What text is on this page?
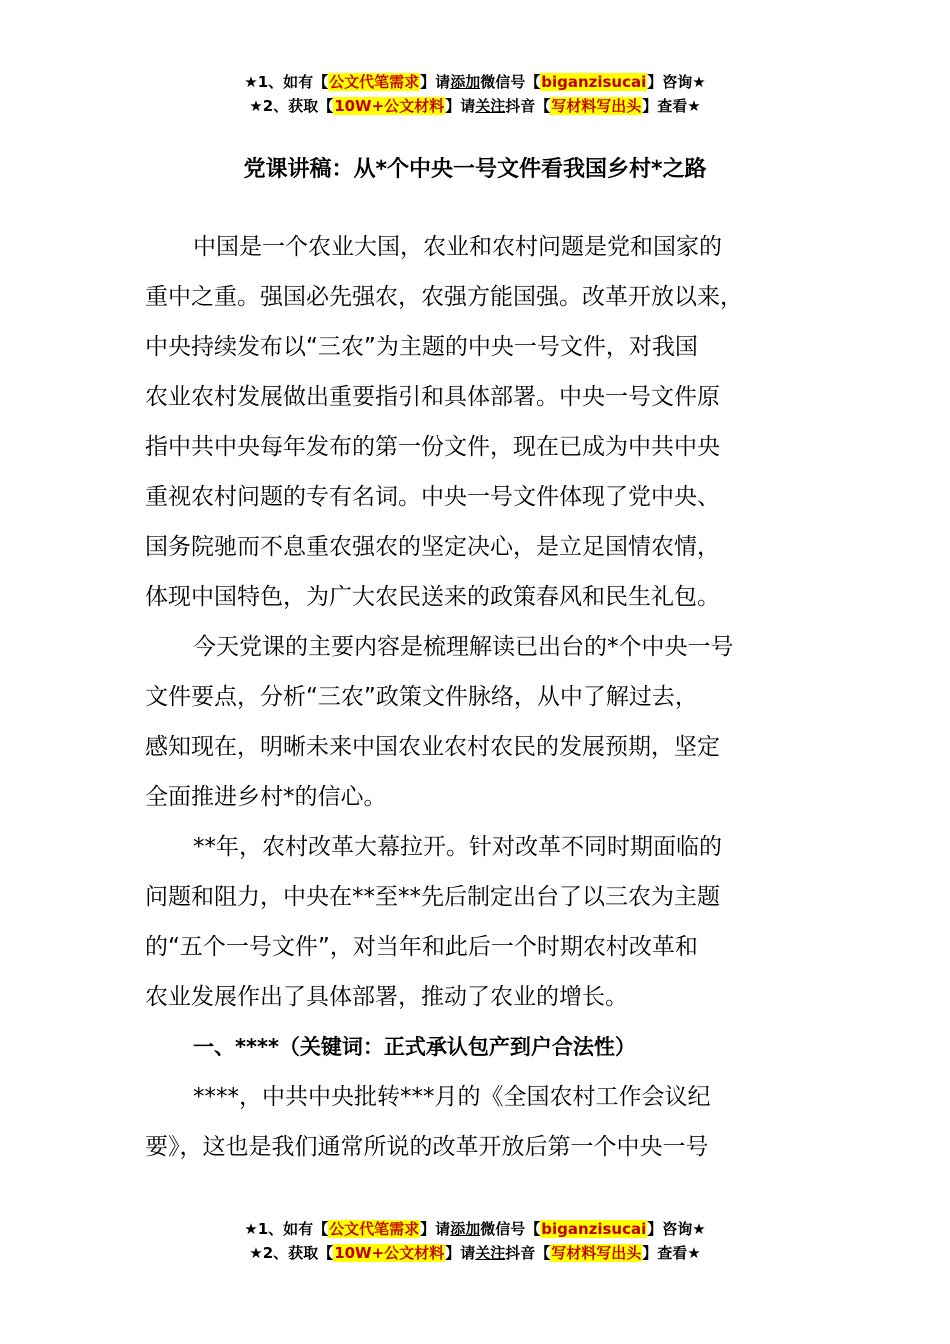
★1、如有【公文代笔需求】请添加微信号【biganzisucai】咨询★
★2、获取【10W+公文材料】请关注抖音【写材料写出头】查看★
党课讲稿：从*个中央一号文件看我国乡村*之路
中国是一个农业大国，农业和农村问题是党和国家的
重中之重。强国必先强农，农强方能国强。改革开放以来，
中央持续发布以“三农”为主题的中央一号文件，对我国
农业农村发展做出重要指引和具体部署。中央一号文件原
指中共中央每年发布的第一份文件，现在已成为中共中央
重视农村问题的专有名词。中央一号文件体现了党中央、
国务院驰而不息重农强农的坚定决心，是立足国情农情，
体现中国特色，为广大农民送来的政策春风和民生礼包。
今天党课的主要内容是梳理解读已出台的*个中央一号
文件要点，分析“三农”政策文件脉络，从中了解过去，
感知现在，明晰未来中国农业农村农民的发展预期，坚定
全面推进乡村*的信心。
**年，农村改革大幕拉开。针对改革不同时期面临的
问题和阻力，中央在**至**先后制定出台了以三农为主题
的“五个一号文件”，对当年和此后一个时期农村改革和
农业发展作出了具体部署，推动了农业的增长。
一、****（关键词：正式承认包产到户合法性）
****，中共中央批转***月的《全国农村工作会议纪
要》，这也是我们通常所说的改革开放后第一个中央一号
★1、如有【公文代笔需求】请添加微信号【biganzisucai】咨询★
★2、获取【10W+公文材料】请关注抖音【写材料写出头】查看★
